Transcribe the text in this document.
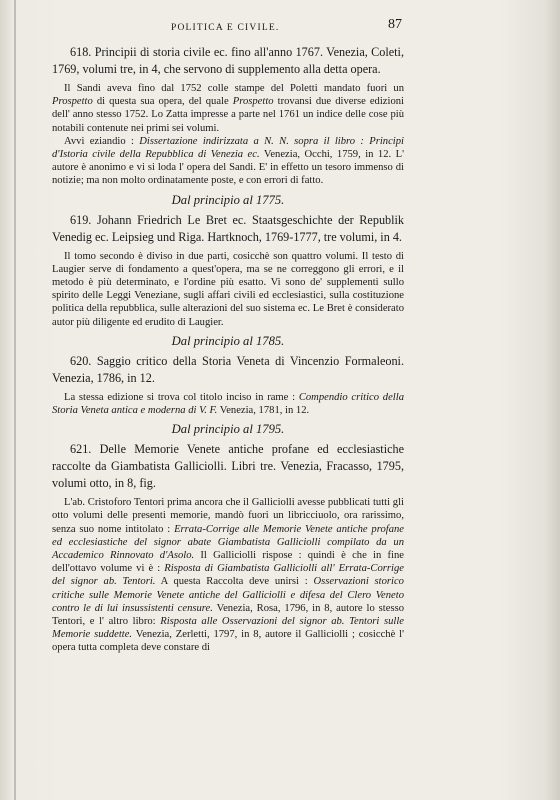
POLITICA E CIVILE.	87

618. Principii di storia civile ec. fino all'anno 1767. Venezia, Coleti, 1769, volumi tre, in 4, che servono di supplemento alla detta opera.

Il Sandi aveva fino dal 1752 colle stampe del Poletti mandato fuori un Prospetto di questa sua opera, del quale Prospetto trovansi due diverse edizioni dell' anno stesso 1752. Lo Zatta impresse a parte nel 1761 un indice delle cose più notabili contenute nei primi sei volumi.

Avvi eziandio : Dissertazione indirizzata a N. N. sopra il libro : Principi d'Istoria civile della Repubblica di Venezia ec. Venezia, Occhi, 1759, in 12. L' autore è anonimo e vi si loda l' opera del Sandi. E' in effetto un tesoro immenso di notizie; ma non molto ordinatamente poste, e con errori di fatto.

Dal principio al 1775.

619. Johann Friedrich Le Bret ec. Staatsgeschichte der Republik Venedig ec. Leipsieg und Riga. Hartknoch, 1769-1777, tre volumi, in 4.

Il tomo secondo è diviso in due parti, cosicchè son quattro volumi. Il testo di Laugier serve di fondamento a quest'opera, ma se ne correggono gli errori, e il metodo è più determinato, e l'ordine più esatto. Vi sono de' supplementi sullo spirito delle Leggi Veneziane, sugli affari civili ed ecclesiastici, sulla costituzione politica della repubblica, sulle alterazioni del suo sistema ec. Le Bret è considerato autor più diligente ed erudito di Laugier.

Dal principio al 1785.

620. Saggio critico della Storia Veneta di Vincenzio Formaleoni. Venezia, 1786, in 12.

La stessa edizione si trova col titolo inciso in rame : Compendio critico della Storia Veneta antica e moderna di V. F. Venezia, 1781, in 12.

Dal principio al 1795.

621. Delle Memorie Venete antiche profane ed ecclesiastiche raccolte da Giambatista Galliciolli. Libri tre. Venezia, Fracasso, 1795, volumi otto, in 8, fig.

L'ab. Cristoforo Tentori prima ancora che il Galliciolli avesse pubblicati tutti gli otto volumi delle presenti memorie, mandò fuori un libricciuolo, ora rarissimo, senza suo nome intitolato : Errata-Corrige alle Memorie Venete antiche profane ed ecclesiastiche del signor abate Giambatista Galliciolli compilato da un Accademico Rinnovato d'Asolo. Il Galliciolli rispose : quindi è che in fine dell'ottavo volume vi è : Risposta di Giambatista Galliciolli all' Errata-Corrige del signor ab. Tentori. A questa Raccolta deve unirsi : Osservazioni storico critiche sulle Memorie Venete antiche del Galliciolli e difesa del Clero Veneto contro le di lui insussistenti censure. Venezia, Rosa, 1796, in 8, autore lo stesso Tentori, e l' altro libro: Risposta alle Osservazioni del signor ab. Tentori sulle Memorie suddette. Venezia, Zerletti, 1797, in 8, autore il Galliciolli ; cosicchè l' opera tutta completa deve constare di
